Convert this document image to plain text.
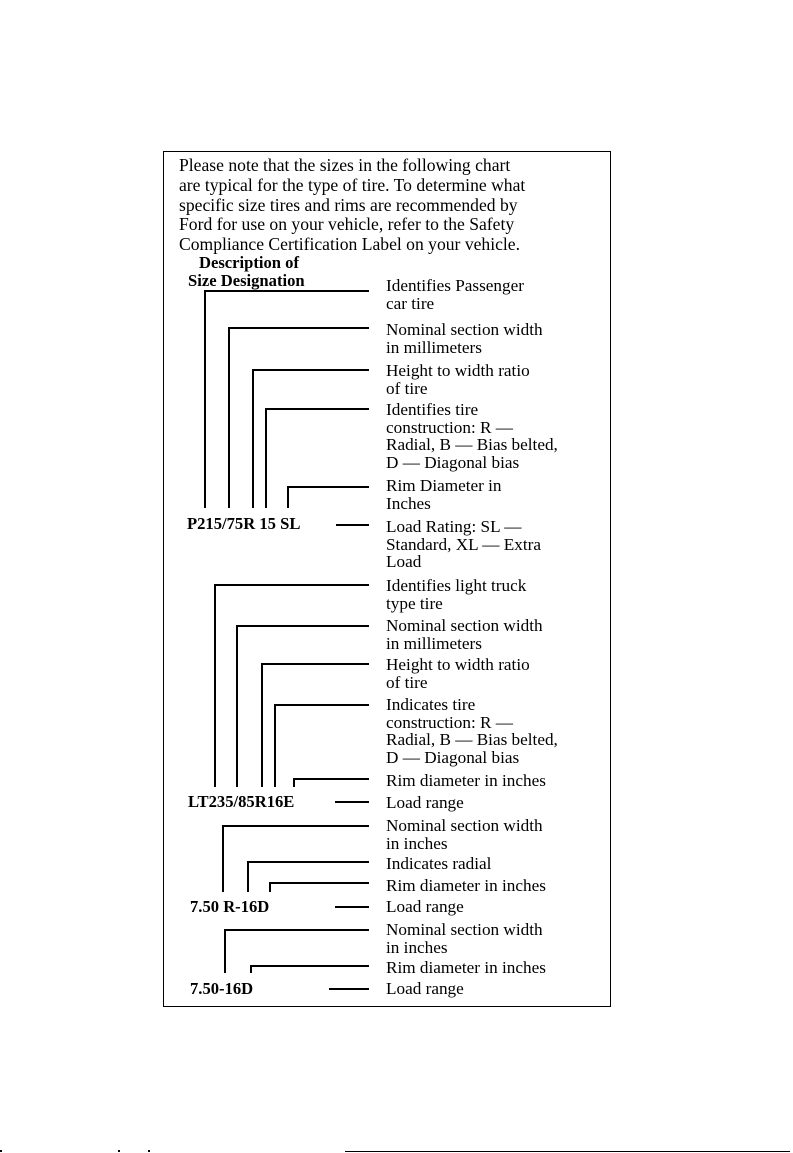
Please note that the sizes in the following chart
are typical for the type of tire. To determine what
specific size tires and rims are recommended by
Ford for use on your vehicle, refer to the Safety
Compliance Certification Label on your vehicle.
Description of
Size Designation	Identifies Passenger
car tire
Nominal section width
in millimeters
Height to width ratio
of tire
Identifies tire
construction: R —
Radial, B — Bias belted,
D — Diagonal bias
Rim Diameter in
Inches
Load Rating: SL —
Standard, XL — Extra
Load
P215/75R 15 SL
Identifies light truck
type tire
Nominal section width
in millimeters
Height to width ratio
of tire
Indicates tire
construction: R —
Radial, B — Bias belted,
D — Diagonal bias
Rim diameter in inches
Load range
LT235/85R16E
Nominal section width
in inches
Indicates radial
Rim diameter in inches
Load range
7.50 R-16D
Nominal section width
in inches
Rim diameter in inches
Load range
7.50-16D
